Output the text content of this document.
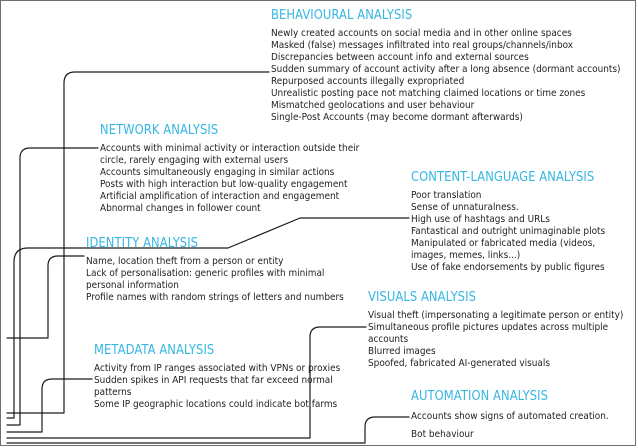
BEHAVIOURAL ANALYSIS
Newly created accounts on social media and in other online spaces
Masked (false) messages infiltrated into real groups/channels/inbox
Discrepancies between account info and external sources
Sudden summary of account activity after a long absence (dormant accounts)
Repurposed accounts illegally expropriated
Unrealistic posting pace not matching claimed locations or time zones
Mismatched geolocations and user behaviour
Single-Post Accounts (may become dormant afterwards)
NETWORK ANALYSIS
Accounts with minimal activity or interaction outside their circle, rarely engaging with external users
Accounts simultaneously engaging in similar actions
Posts with high interaction but low-quality engagement
Artificial amplification of interaction and engagement
Abnormal changes in follower count
CONTENT-LANGUAGE ANALYSIS
Poor translation
Sense of unnaturalness.
High use of hashtags and URLs
Fantastical and outright unimaginable plots
Manipulated or fabricated media (videos, images, memes, links...)
Use of fake endorsements by public figures
IDENTITY ANALYSIS
Name, location theft from a person or entity
Lack of personalisation: generic profiles with minimal personal information
Profile names with random strings of letters and numbers	VISUALS ANALYSIS
Visual theft (impersonating a legitimate person or entity)
Simultaneous profile pictures updates across multiple accounts
Blurred images
Spoofed, fabricated AI-generated visuals
METADATA ANALYSIS
Activity from IP ranges associated with VPNs or proxies
Sudden spikes in API requests that far exceed normal patterns
Some IP geographic locations could indicate bot farms
AUTOMATION ANALYSIS
Accounts show signs of automated creation.
Bot behaviour
